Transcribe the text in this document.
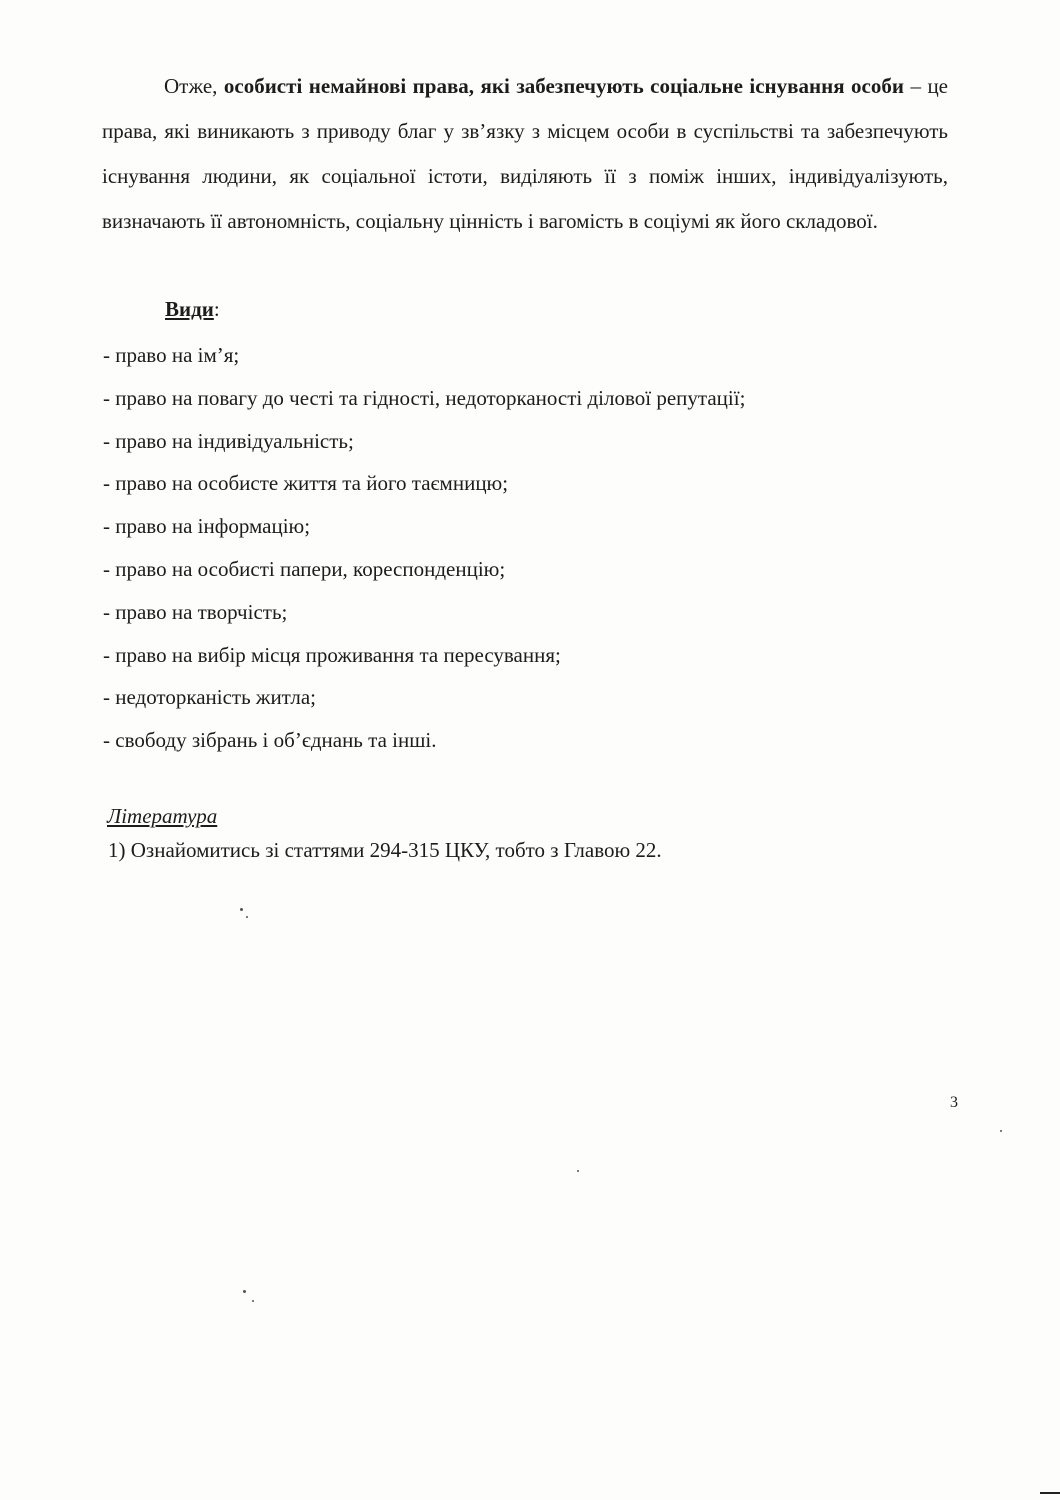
Отже, особисті немайнові права, які забезпечують соціальне існування особи – це права, які виникають з приводу благ у зв’язку з місцем особи в суспільстві та забезпечують існування людини, як соціальної істоти, виділяють її з поміж інших, індивідуалізують, визначають її автономність, соціальну цінність і вагомість в соціумі як його складової.

Види:

- право на ім’я;
- право на повагу до честі та гідності, недоторканості ділової репутації;
- право на індивідуальність;
- право на особисте життя та його таємницю;
- право на інформацію;
- право на особисті папери, кореспонденцію;
- право на творчість;
- право на вибір місця проживання та пересування;
- недоторканість житла;
- свободу зібрань і об’єднань та інші.

Література

1) Ознайомитись зі статтями 294-315 ЦКУ, тобто з Главою 22.

3
